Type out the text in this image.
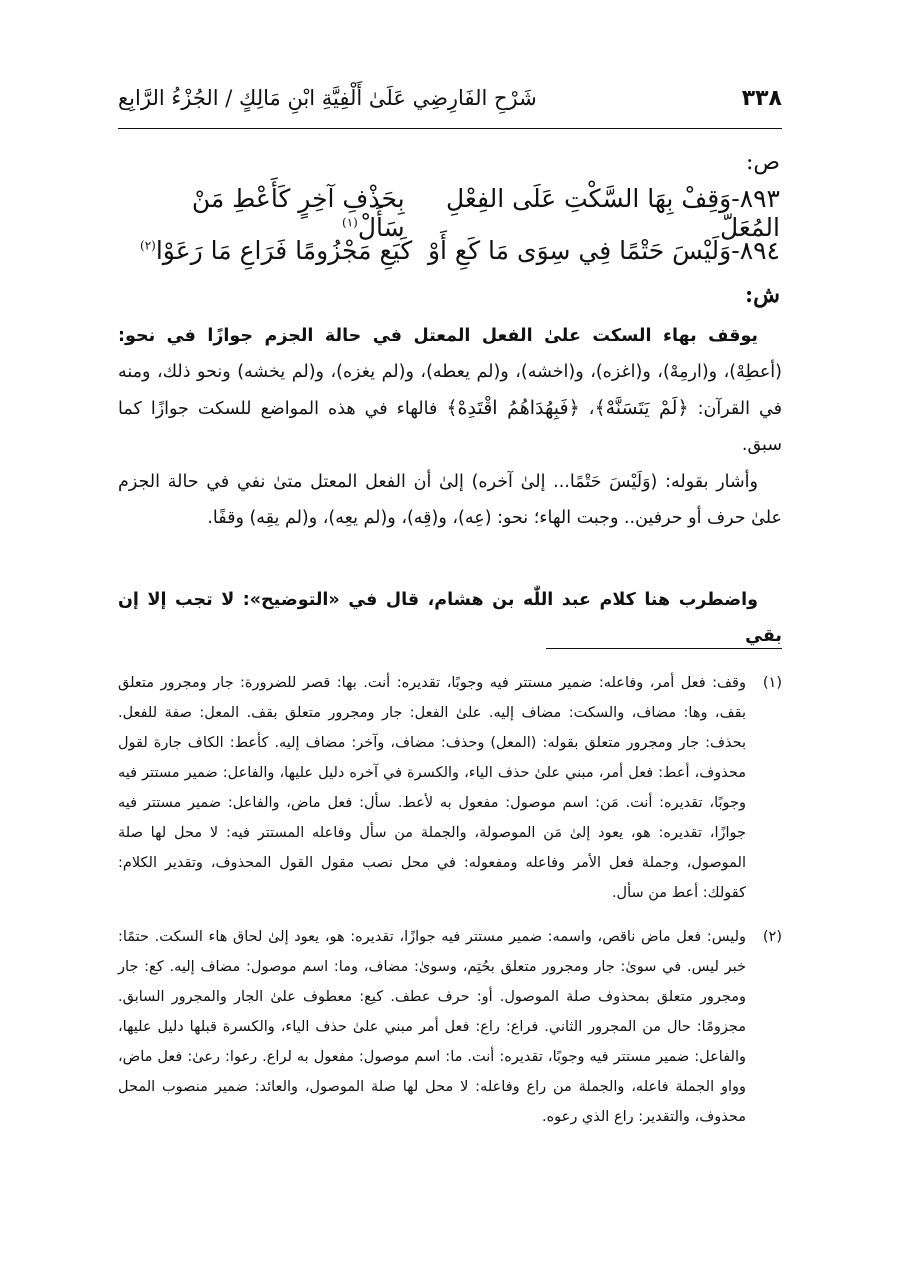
٣٣٨
شَرْحِ الفَارِضِي عَلَىٰ أَلْفِيَّةِ ابْنِ مَالِكٍ / الجُزْءُ الرَّابِع
ص:
٨٩٣-وَقِفْ بِهَا السَّكْتِ عَلَى الفِعْلِ المُعَلّ
بِحَذْفِ آخِرٍ كَأَعْطِ مَنْ سَأَلْ$^{(١)}$
٨٩٤-وَلَيْسَ حَتْمًا فِي سِوَى مَا كَعِ أَوْ
كَيَعِ مَجْزُومًا فَرَاعِ مَا رَعَوْا$^{(٢)}$
ش:

يوقف بهاء السكت علىٰ الفعل المعتل في حالة الجزم جوازًا في نحو: (أعطِهْ)، و(ارمِهْ)، و(اغزه)، و(اخشه)، و(لم يعطه)، و(لم يغزه)، و(لم يخشه) ونحو ذلك، ومنه في القرآن: ﴿لَمْ يَتَسَنَّهْ﴾، ﴿فَبِهُدَاهُمُ اقْتَدِهْ﴾ فالهاء في هذه المواضع للسكت جوازًا كما سبق.

وأشار بقوله: (وَلَيْسَ حَتْمًا... إلىٰ آخره) إلىٰ أن الفعل المعتل متىٰ نفي في حالة الجزم علىٰ حرف أو حرفين.. وجبت الهاء؛ نحو: (عِه)، و(قِه)، و(لم يعِه)، و(لم يقِه) وقفًا.

واضطرب هنا كلام عبد اللّٰه بن هشام، قال في «التوضيح»: لا تجب إلا إن بقي

(١)
وقف: فعل أمر، وفاعله: ضمير مستتر فيه وجوبًا، تقديره: أنت. بها: قصر للضرورة: جار ومجرور متعلق بقف، وها: مضاف، والسكت: مضاف إليه. علىٰ الفعل: جار ومجرور متعلق بقف. المعل: صفة للفعل. بحذف: جار ومجرور متعلق بقوله: (المعل) وحذف: مضاف، وآخر: مضاف إليه. كأعط: الكاف جارة لقول محذوف، أعط: فعل أمر، مبني علىٰ حذف الياء، والكسرة في آخره دليل عليها، والفاعل: ضمير مستتر فيه وجوبًا، تقديره: أنت. مَن: اسم موصول: مفعول به لأعط. سأل: فعل ماض، والفاعل: ضمير مستتر فيه جوازًا، تقديره: هو، يعود إلىٰ مَن الموصولة، والجملة من سأل وفاعله المستتر فيه: لا محل لها صلة الموصول، وجملة فعل الأمر وفاعله ومفعوله: في محل نصب مقول القول المحذوف، وتقدير الكلام: كقولك: أعط من سأل.

(٢)
وليس: فعل ماض ناقص، واسمه: ضمير مستتر فيه جوازًا، تقديره: هو، يعود إلىٰ لحاق هاء السكت. حتمًا: خبر ليس. في سوىٰ: جار ومجرور متعلق بحُتِم، وسوىٰ: مضاف، وما: اسم موصول: مضاف إليه. كع: جار ومجرور متعلق بمحذوف صلة الموصول. أو: حرف عطف. كيع: معطوف علىٰ الجار والمجرور السابق. مجزومًا: حال من المجرور الثاني. فراع: راع: فعل أمر مبني علىٰ حذف الياء، والكسرة قبلها دليل عليها، والفاعل: ضمير مستتر فيه وجوبًا، تقديره: أنت. ما: اسم موصول: مفعول به لراع. رعوا: رعىٰ: فعل ماض، وواو الجملة فاعله، والجملة من راع وفاعله: لا محل لها صلة الموصول، والعائد: ضمير منصوب المحل محذوف، والتقدير: راع الذي رعوه.
